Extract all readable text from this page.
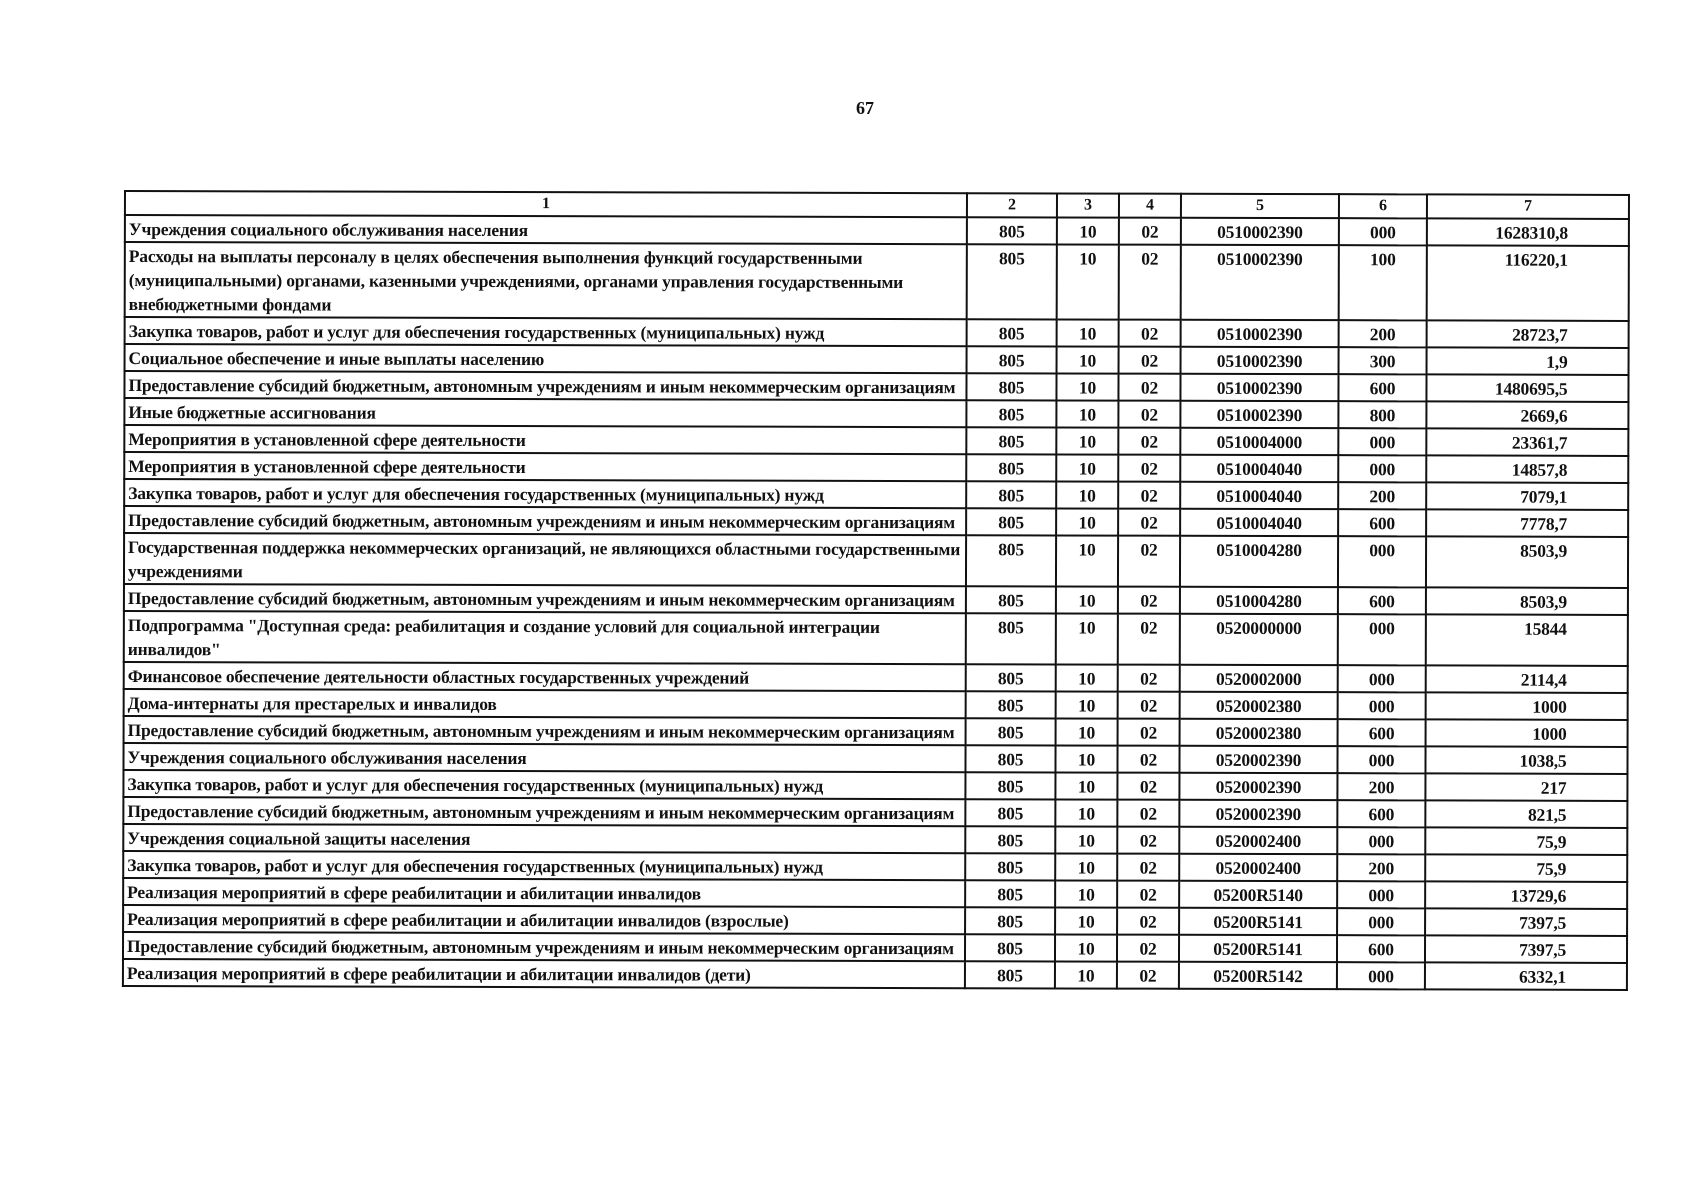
67
1	2	3	4	5	6	7
Учреждения социального обслуживания населения	805	10	02	0510002390	000	1628310,8
Расходы на выплаты персоналу в целях обеспечения выполнения функций государственными (муниципальными) органами, казенными учреждениями, органами управления государственными внебюджетными фондами	805	10	02	0510002390	100	116220,1
Закупка товаров, работ и услуг для обеспечения государственных (муниципальных) нужд	805	10	02	0510002390	200	28723,7
Социальное обеспечение и иные выплаты населению	805	10	02	0510002390	300	1,9
Предоставление субсидий бюджетным, автономным учреждениям и иным некоммерческим организациям	805	10	02	0510002390	600	1480695,5
Иные бюджетные ассигнования	805	10	02	0510002390	800	2669,6
Мероприятия в установленной сфере деятельности	805	10	02	0510004000	000	23361,7
Мероприятия в установленной сфере деятельности	805	10	02	0510004040	000	14857,8
Закупка товаров, работ и услуг для обеспечения государственных (муниципальных) нужд	805	10	02	0510004040	200	7079,1
Предоставление субсидий бюджетным, автономным учреждениям и иным некоммерческим организациям	805	10	02	0510004040	600	7778,7
Государственная поддержка некоммерческих организаций, не являющихся областными государственными учреждениями	805	10	02	0510004280	000	8503,9
Предоставление субсидий бюджетным, автономным учреждениям и иным некоммерческим организациям	805	10	02	0510004280	600	8503,9
Подпрограмма "Доступная среда: реабилитация и создание условий для социальной интеграции инвалидов"	805	10	02	0520000000	000	15844
Финансовое обеспечение деятельности областных государственных учреждений	805	10	02	0520002000	000	2114,4
Дома-интернаты для престарелых и инвалидов	805	10	02	0520002380	000	1000
Предоставление субсидий бюджетным, автономным учреждениям и иным некоммерческим организациям	805	10	02	0520002380	600	1000
Учреждения социального обслуживания населения	805	10	02	0520002390	000	1038,5
Закупка товаров, работ и услуг для обеспечения государственных (муниципальных) нужд	805	10	02	0520002390	200	217
Предоставление субсидий бюджетным, автономным учреждениям и иным некоммерческим организациям	805	10	02	0520002390	600	821,5
Учреждения социальной защиты населения	805	10	02	0520002400	000	75,9
Закупка товаров, работ и услуг для обеспечения государственных (муниципальных) нужд	805	10	02	0520002400	200	75,9
Реализация мероприятий в сфере реабилитации и абилитации инвалидов	805	10	02	05200R5140	000	13729,6
Реализация мероприятий в сфере реабилитации и абилитации инвалидов (взрослые)	805	10	02	05200R5141	000	7397,5
Предоставление субсидий бюджетным, автономным учреждениям и иным некоммерческим организациям	805	10	02	05200R5141	600	7397,5
Реализация мероприятий в сфере реабилитации и абилитации инвалидов (дети)	805	10	02	05200R5142	000	6332,1
